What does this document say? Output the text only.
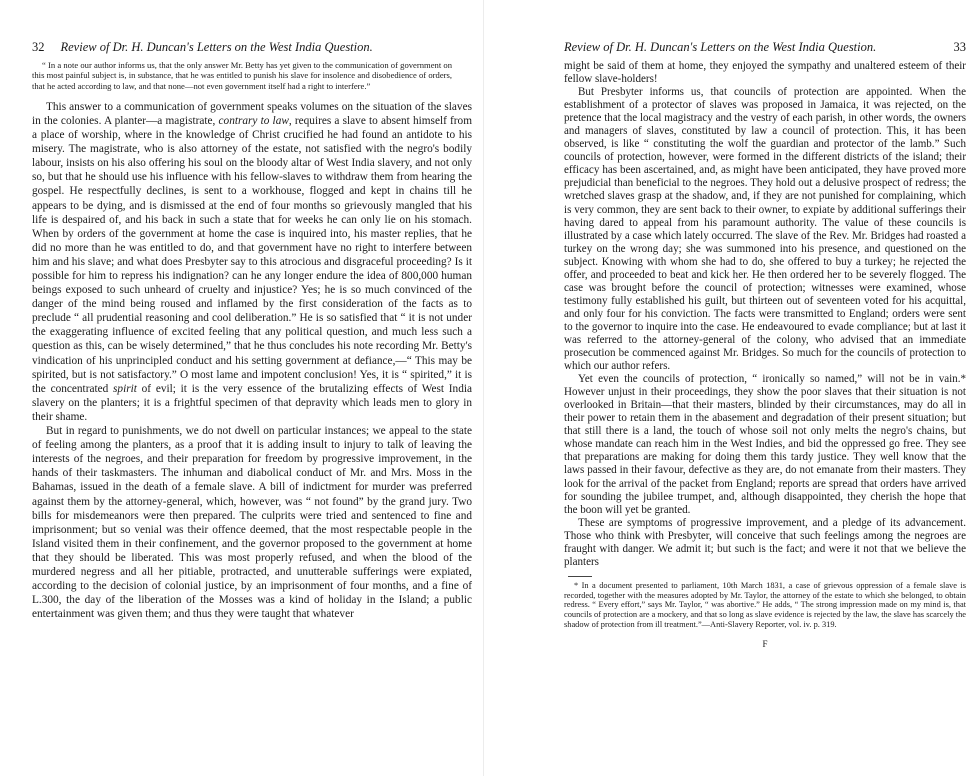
32 Review of Dr. H. Duncan's Letters on the West India Question.

“ In a note our author informs us, that the only answer Mr. Betty has yet given to the communication of government on this most painful subject is, in substance, that he was entitled to punish his slave for insolence and disobedience of orders, that he acted according to law, and that none—not even government itself had a right to interfere.”

This answer to a communication of government speaks volumes on the situation of the slaves in the colonies. A planter—a magistrate, contrary to law, requires a slave to absent himself from a place of worship, where in the knowledge of Christ crucified he had found an antidote to his misery. The magistrate, who is also attorney of the estate, not satisfied with the negro's bodily labour, insists on his also offering his soul on the bloody altar of West India slavery, and not only so, but that he should use his influence with his fellow-slaves to withdraw them from hearing the gospel. He respectfully declines, is sent to a workhouse, flogged and kept in chains till he appears to be dying, and is dismissed at the end of four months so grievously mangled that his life is despaired of, and his back in such a state that for weeks he can only lie on his stomach. When by orders of the government at home the case is inquired into, his master replies, that he did no more than he was entitled to do, and that government have no right to interfere between him and his slave; and what does Presbyter say to this atrocious and disgraceful proceeding? Is it possible for him to repress his indignation? can he any longer endure the idea of 800,000 human beings exposed to such unheard of cruelty and injustice? Yes; he is so much convinced of the danger of the mind being roused and inflamed by the first consideration of the facts as to preclude “ all prudential reasoning and cool deliberation.” He is so satisfied that “ it is not under the exaggerating influence of excited feeling that any political question, and much less such a question as this, can be wisely determined,” that he thus concludes his note recording Mr. Betty's vindication of his unprincipled conduct and his setting government at defiance,—“ This may be spirited, but is not satisfactory.” O most lame and impotent conclusion! Yes, it is “ spirited,” it is the concentrated spirit of evil; it is the very essence of the brutalizing effects of West India slavery on the planters; it is a frightful specimen of that depravity which leads men to glory in their shame.

But in regard to punishments, we do not dwell on particular instances; we appeal to the state of feeling among the planters, as a proof that it is adding insult to injury to talk of leaving the interests of the negroes, and their preparation for freedom by progressive improvement, in the hands of their taskmasters. The inhuman and diabolical conduct of Mr. and Mrs. Moss in the Bahamas, issued in the death of a female slave. A bill of indictment for murder was preferred against them by the attorney-general, which, however, was “ not found” by the grand jury. Two bills for misdemeanors were then prepared. The culprits were tried and sentenced to fine and imprisonment; but so venial was their offence deemed, that the most respectable people in the Island visited them in their confinement, and the governor proposed to the government at home that they should be liberated. This was most properly refused, and when the blood of the murdered negress and all her pitiable, protracted, and unutterable sufferings were expiated, according to the decision of colonial justice, by an imprisonment of four months, and a fine of L.300, the day of the liberation of the Mosses was a kind of holiday in the Island; a public entertainment was given them; and thus they were taught that whatever

Review of Dr. H. Duncan's Letters on the West India Question.	33

might be said of them at home, they enjoyed the sympathy and unaltered esteem of their fellow slave-holders!

But Presbyter informs us, that councils of protection are appointed. When the establishment of a protector of slaves was proposed in Jamaica, it was rejected, on the pretence that the local magistracy and the vestry of each parish, in other words, the owners and managers of slaves, constituted by law a council of protection. This, it has been observed, is like “ constituting the wolf the guardian and protector of the lamb.” Such councils of protection, however, were formed in the different districts of the island; their efficacy has been ascertained, and, as might have been anticipated, they have proved more prejudicial than beneficial to the negroes. They hold out a delusive prospect of redress; the wretched slaves grasp at the shadow, and, if they are not punished for complaining, which is very common, they are sent back to their owner, to expiate by additional sufferings their having dared to appeal from his paramount authority. The value of these councils is illustrated by a case which lately occurred. The slave of the Rev. Mr. Bridges had roasted a turkey on the wrong day; she was summoned into his presence, and questioned on the subject. Knowing with whom she had to do, she offered to buy a turkey; he rejected the offer, and proceeded to beat and kick her. He then ordered her to be severely flogged. The case was brought before the council of protection; witnesses were examined, whose testimony fully established his guilt, but thirteen out of seventeen voted for his acquittal, and only four for his conviction. The facts were transmitted to England; orders were sent to the governor to inquire into the case. He endeavoured to evade compliance; but at last it was referred to the attorney-general of the colony, who advised that an immediate prosecution be commenced against Mr. Bridges. So much for the councils of protection to which our author refers.

Yet even the councils of protection, “ ironically so named,” will not be in vain.* However unjust in their proceedings, they show the poor slaves that their situation is not overlooked in Britain—that their masters, blinded by their circumstances, may do all in their power to retain them in the abasement and degradation of their present situation; but that still there is a land, the touch of whose soil not only melts the negro's chains, but whose mandate can reach him in the West Indies, and bid the oppressed go free. They see that preparations are making for doing them this tardy justice. They well know that the laws passed in their favour, defective as they are, do not emanate from their masters. They look for the arrival of the packet from England; reports are spread that orders have arrived for sounding the jubilee trumpet, and, although disappointed, they cherish the hope that the boon will yet be granted.

These are symptoms of progressive improvement, and a pledge of its advancement. Those who think with Presbyter, will conceive that such feelings among the negroes are fraught with danger. We admit it; but such is the fact; and were it not that we believe the planters

* In a document presented to parliament, 10th March 1831, a case of grievous oppression of a female slave is recorded, together with the measures adopted by Mr. Taylor, the attorney of the estate to which she belonged, to obtain redress. “ Every effort,” says Mr. Taylor, “ was abortive.” He adds, “ The strong impression made on my mind is, that councils of protection are a mockery, and that so long as slave evidence is rejected by the law, the slave has scarcely the shadow of protection from ill treatment.”—Anti-Slavery Reporter, vol. iv. p. 319.

F
